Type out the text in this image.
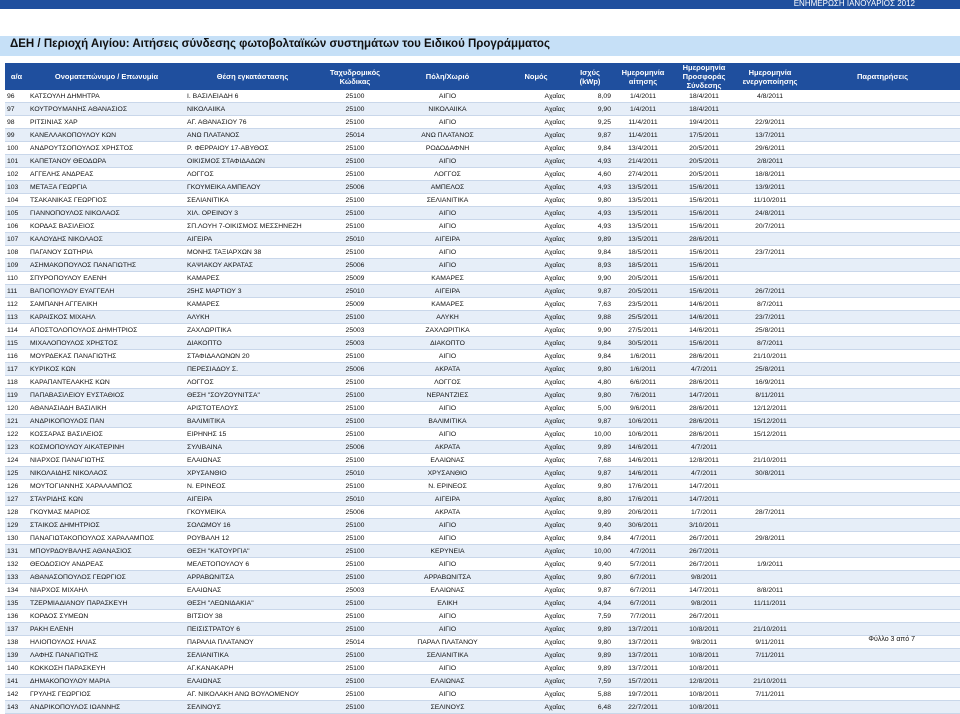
ΕΝΗΜΕΡΩΣΗ ΙΑΝΟΥΑΡΙΟΣ 2012
ΔΕΗ / Περιοχή Αιγίου: Αιτήσεις σύνδεσης φωτοβολταϊκών συστημάτων του Ειδικού Προγράμματος
α/α	Ονοματεπώνυμο / Επωνυμία	Θέση εγκατάστασης	Ταχυδρομικός Κώδικας	Πόλη/Χωριό	Νομός	Ισχύς (kWp)	Ημερομηνία αίτησης	Ημερομηνία Προσφοράς Σύνδεσης	Ημερομηνία ενεργοποίησης	Παρατηρήσεις
96	ΚΑΤΣΟΥΛΗ ΔΗΜΗΤΡΑ	Ι. ΒΑΣΙΛΕΙΑΔΗ 6	25100	ΑΙΓΙΟ	Αχαΐας	8,09	1/4/2011	18/4/2011	4/8/2011	
97	ΚΟΥΤΡΟΥΜΑΝΗΣ ΑΘΑΝΑΣΙΟΣ	ΝΙΚΟΛΑΙΙΚΑ	25100	ΝΙΚΟΛΑΙΙΚΑ	Αχαΐας	9,90	1/4/2011	18/4/2011		
98	ΡΙΤΣΙΝΙΑΣ ΧΑΡ	ΑΓ. ΑΘΑΝΑΣΙΟΥ 76	25100	ΑΙΓΙΟ	Αχαΐας	9,25	11/4/2011	19/4/2011	22/9/2011	
99	ΚΑΝΕΛΛΑΚΟΠΟΥΛΟΥ ΚΩΝ	ΑΝΩ ΠΛΑΤΑΝΟΣ	25014	ΑΝΩ ΠΛΑΤΑΝΟΣ	Αχαΐας	9,87	11/4/2011	17/5/2011	13/7/2011	
100	ΑΝΔΡΟΥΤΣΟΠΟΥΛΟΣ ΧΡΗΣΤΟΣ	Ρ. ΦΕΡΡΑΙΟΥ 17-ΑΒΥΘΟΣ	25100	ΡΟΔΟΔΑΦΝΗ	Αχαΐας	9,84	13/4/2011	20/5/2011	29/6/2011	
101	ΚΑΠΕΤΑΝΟΥ ΘΕΟΔΩΡΑ	ΟΙΚΙΣΜΟΣ ΣΤΑΦΙΔΑΔΩΝ	25100	ΑΙΓΙΟ	Αχαΐας	4,93	21/4/2011	20/5/2011	2/8/2011	
102	ΑΓΓΕΛΗΣ ΑΝΔΡΕΑΣ	ΛΟΓΓΟΣ	25100	ΛΟΓΓΟΣ	Αχαΐας	4,60	27/4/2011	20/5/2011	18/8/2011	
103	ΜΕΤΑΞΑ ΓΕΩΡΓΙΑ	ΓΚΟΥΜΕΙΚΑ ΑΜΠΕΛΟΥ	25006	ΑΜΠΕΛΟΣ	Αχαΐας	4,93	13/5/2011	15/6/2011	13/9/2011	
104	ΤΣΑΚΑΝΙΚΑΣ ΓΕΩΡΓΙΟΣ	ΣΕΛΙΑΝΙΤΙΚΑ	25100	ΣΕΛΙΑΝΙΤΙΚΑ	Αχαΐας	9,80	13/5/2011	15/6/2011	11/10/2011	
105	ΓΙΑΝΝΟΠΟΥΛΟΣ ΝΙΚΟΛΑΟΣ	ΧΙΛ. ΟΡΕΙΝΟΥ 3	25100	ΑΙΓΙΟ	Αχαΐας	4,93	13/5/2011	15/6/2011	24/8/2011	
106	ΚΟΡΔΑΣ ΒΑΣΙΛΕΙΟΣ	ΣΠ.ΛΟΥΗ 7-ΟΙΚΙΣΜΟΣ ΜΕΣΣΗΝΕΖΗ	25100	ΑΙΓΙΟ	Αχαΐας	4,93	13/5/2011	15/6/2011	20/7/2011	
107	ΚΑΛΟΥΔΗΣ ΝΙΚΟΛΑΟΣ	ΑΙΓΕΙΡΑ	25010	ΑΙΓΕΙΡΑ	Αχαΐας	9,89	13/5/2011	28/6/2011		
108	ΠΑΓΑΝΟΥ ΣΩΤΗΡΙΑ	ΜΟΝΗΣ ΤΑΞΙΑΡΧΩΝ 38	25100	ΑΙΓΙΟ	Αχαΐας	9,84	18/5/2011	15/6/2011	23/7/2011	
109	ΑΣΗΜΑΚΟΠΟΥΛΟΣ ΠΑΝΑΓΙΩΤΗΣ	ΚΑΨΙΑΚΟΥ ΑΚΡΑΤΑΣ	25006	ΑΙΓΙΟ	Αχαΐας	8,93	18/5/2011	15/6/2011		
110	ΣΠΥΡΟΠΟΥΛΟΥ ΕΛΕΝΗ	ΚΑΜΑΡΕΣ	25009	ΚΑΜΑΡΕΣ	Αχαΐας	9,90	20/5/2011	15/6/2011		
111	ΒΑΓΙΟΠΟΥΛΟΥ ΕΥΑΓΓΕΛΗ	25ΗΣ ΜΑΡΤΙΟΥ 3	25010	ΑΙΓΕΙΡΑ	Αχαΐας	9,87	20/5/2011	15/6/2011	26/7/2011	
112	ΣΑΜΠΑΝΗ ΑΓΓΕΛΙΚΗ	ΚΑΜΑΡΕΣ	25009	ΚΑΜΑΡΕΣ	Αχαΐας	7,63	23/5/2011	14/6/2011	8/7/2011	
113	ΚΑΡΑΙΣΚΟΣ ΜΙΧΑΗΛ	ΑΛΥΚΗ	25100	ΑΛΥΚΗ	Αχαΐας	9,88	25/5/2011	14/6/2011	23/7/2011	
114	ΑΠΟΣΤΟΛΟΠΟΥΛΟΣ ΔΗΜΗΤΡΙΟΣ	ΖΑΧΛΩΡΙΤΙΚΑ	25003	ΖΑΧΛΩΡΙΤΙΚΑ	Αχαΐας	9,90	27/5/2011	14/6/2011	25/8/2011	
115	ΜΙΧΑΛΟΠΟΥΛΟΣ ΧΡΗΣΤΟΣ	ΔΙΑΚΟΠΤΟ	25003	ΔΙΑΚΟΠΤΟ	Αχαΐας	9,84	30/5/2011	15/6/2011	8/7/2011	
116	ΜΟΥΡΔΕΚΑΣ ΠΑΝΑΓΙΩΤΗΣ	ΣΤΑΦΙΔΑΛΩΝΩΝ 20	25100	ΑΙΓΙΟ	Αχαΐας	9,84	1/6/2011	28/6/2011	21/10/2011	
117	ΚΥΡΙΚΟΣ ΚΩΝ	ΠΕΡΕΣΙΑΔΟΥ Σ.	25006	ΑΚΡΑΤΑ	Αχαΐας	9,80	1/6/2011	4/7/2011	25/8/2011	
118	ΚΑΡΑΠΑΝΤΕΛΑΚΗΣ ΚΩΝ	ΛΟΓΓΟΣ	25100	ΛΟΓΓΟΣ	Αχαΐας	4,80	6/6/2011	28/6/2011	16/9/2011	
119	ΠΑΠΑΒΑΣΙΛΕΙΟΥ ΕΥΣΤΑΘΙΟΣ	ΘΕΣΗ "ΣΟΥΖΟΥΝΙΤΣΑ"	25100	ΝΕΡΑΝΤΖΙΕΣ	Αχαΐας	9,80	7/6/2011	14/7/2011	8/11/2011	
120	ΑΘΑΝΑΣΙΑΔΗ ΒΑΣΙΛΙΚΗ	ΑΡΙΣΤΟΤΕΛΟΥΣ	25100	ΑΙΓΙΟ	Αχαΐας	5,00	9/6/2011	28/6/2011	12/12/2011	
121	ΑΝΔΡΙΚΟΠΟΥΛΟΣ ΠΑΝ	ΒΑΛΙΜΙΤΙΚΑ	25100	ΒΑΛΙΜΙΤΙΚΑ	Αχαΐας	9,87	10/6/2011	28/6/2011	15/12/2011	
122	ΚΟΣΣΑΡΑΣ ΒΑΣΙΛΕΙΟΣ	ΕΙΡΗΝΗΣ 15	25100	ΑΙΓΙΟ	Αχαΐας	10,00	10/6/2011	28/6/2011	15/12/2011	
123	ΚΟΣΜΟΠΟΥΛΟΥ ΑΙΚΑΤΕΡΙΝΗ	ΣΥΛΙΒΑΙΝΑ	25006	ΑΚΡΑΤΑ	Αχαΐας	9,89	14/6/2011	4/7/2011		
124	ΝΙΑΡΧΟΣ ΠΑΝΑΓΙΩΤΗΣ	ΕΛΑΙΩΝΑΣ	25100	ΕΛΑΙΩΝΑΣ	Αχαΐας	7,68	14/6/2011	12/8/2011	21/10/2011	
125	ΝΙΚΟΛΑΙΔΗΣ ΝΙΚΟΛΑΟΣ	ΧΡΥΣΑΝΘΙΟ	25010	ΧΡΥΣΑΝΘΙΟ	Αχαΐας	9,87	14/6/2011	4/7/2011	30/8/2011	
126	ΜΟΥΤΟΓΙΑΝΝΗΣ ΧΑΡΑΛΑΜΠΟΣ	Ν. ΕΡΙΝΕΟΣ	25100	Ν. ΕΡΙΝΕΟΣ	Αχαΐας	9,80	17/6/2011	14/7/2011		
127	ΣΤΑΥΡΙΔΗΣ ΚΩΝ	ΑΙΓΕΙΡΑ	25010	ΑΙΓΕΙΡΑ	Αχαΐας	8,80	17/6/2011	14/7/2011		
128	ΓΚΟΥΜΑΣ ΜΑΡΙΟΣ	ΓΚΟΥΜΕΙΚΑ	25006	ΑΚΡΑΤΑ	Αχαΐας	9,89	20/6/2011	1/7/2011	28/7/2011	
129	ΣΤΑΙΚΟΣ ΔΗΜΗΤΡΙΟΣ	ΣΟΛΩΜΟΥ 16	25100	ΑΙΓΙΟ	Αχαΐας	9,40	30/6/2011	3/10/2011		
130	ΠΑΝΑΓΙΩΤΑΚΟΠΟΥΛΟΣ ΧΑΡΑΛΑΜΠΟΣ	ΡΟΥΒΑΛΗ 12	25100	ΑΙΓΙΟ	Αχαΐας	9,84	4/7/2011	26/7/2011	29/8/2011	
131	ΜΠΟΥΡΔΟΥΒΑΛΗΣ ΑΘΑΝΑΣΙΟΣ	ΘΕΣΗ "ΚΑΤΟΥΡΓΙΑ"	25100	ΚΕΡΥΝΕΙΑ	Αχαΐας	10,00	4/7/2011	26/7/2011		
132	ΘΕΟΔΟΣΙΟΥ ΑΝΔΡΕΑΣ	ΜΕΛΕΤΟΠΟΥΛΟΥ 6	25100	ΑΙΓΙΟ	Αχαΐας	9,40	5/7/2011	26/7/2011	1/9/2011	
133	ΑΘΑΝΑΣΟΠΟΥΛΟΣ ΓΕΩΡΓΙΟΣ	ΑΡΡΑΒΩΝΙΤΣΑ	25100	ΑΡΡΑΒΩΝΙΤΣΑ	Αχαΐας	9,80	6/7/2011	9/8/2011		
134	ΝΙΑΡΧΟΣ ΜΙΧΑΗΛ	ΕΛΑΙΩΝΑΣ	25003	ΕΛΑΙΩΝΑΣ	Αχαΐας	9,87	6/7/2011	14/7/2011	8/8/2011	
135	ΤΖΕΡΜΙΑΔΙΑΝΟΥ ΠΑΡΑΣΚΕΥΗ	ΘΕΣΗ "ΛΕΩΝΙΔΑΚΙΑ"	25100	ΕΛΙΚΗ	Αχαΐας	4,94	6/7/2011	9/8/2011	11/11/2011	
136	ΚΟΡΔΟΣ ΣΥΜΕΩΝ	ΒΙΤΣΙΟΥ 38	25100	ΑΙΓΙΟ	Αχαΐας	7,59	7/7/2011	26/7/2011		
137	ΡΑΚΗ ΕΛΕΝΗ	ΠΕΙΣΙΣΤΡΑΤΟΥ 6	25100	ΑΙΓΙΟ	Αχαΐας	9,89	13/7/2011	10/8/2011	21/10/2011	
138	ΗΛΙΟΠΟΥΛΟΣ ΗΛΙΑΣ	ΠΑΡΑΛΙΑ ΠΛΑΤΑΝΟΥ	25014	ΠΑΡΑΛ ΠΛΑΤΑΝΟΥ	Αχαΐας	9,80	13/7/2011	9/8/2011	9/11/2011	
139	ΛΑΦΗΣ ΠΑΝΑΓΙΩΤΗΣ	ΣΕΛΙΑΝΙΤΙΚΑ	25100	ΣΕΛΙΑΝΙΤΙΚΑ	Αχαΐας	9,89	13/7/2011	10/8/2011	7/11/2011	
140	ΚΟΚΚΟΣΗ ΠΑΡΑΣΚΕΥΗ	ΑΓ.ΚΑΝΑΚΑΡΗ	25100	ΑΙΓΙΟ	Αχαΐας	9,89	13/7/2011	10/8/2011		
141	ΔΗΜΑΚΟΠΟΥΛΟΥ ΜΑΡΙΑ	ΕΛΑΙΩΝΑΣ	25100	ΕΛΑΙΩΝΑΣ	Αχαΐας	7,59	15/7/2011	12/8/2011	21/10/2011	
142	ΓΡΥΛΗΣ ΓΕΩΡΓΙΟΣ	ΑΓ. ΝΙΚΟΛΑΚΗ ΑΝΩ ΒΟΥΛΟΜΕΝΟΥ	25100	ΑΙΓΙΟ	Αχαΐας	5,88	19/7/2011	10/8/2011	7/11/2011	
143	ΑΝΔΡΙΚΟΠΟΥΛΟΣ ΙΩΑΝΝΗΣ	ΣΕΛΙΝΟΥΣ	25100	ΣΕΛΙΝΟΥΣ	Αχαΐας	6,48	22/7/2011	10/8/2011		
Φύλλο 3 από 7
